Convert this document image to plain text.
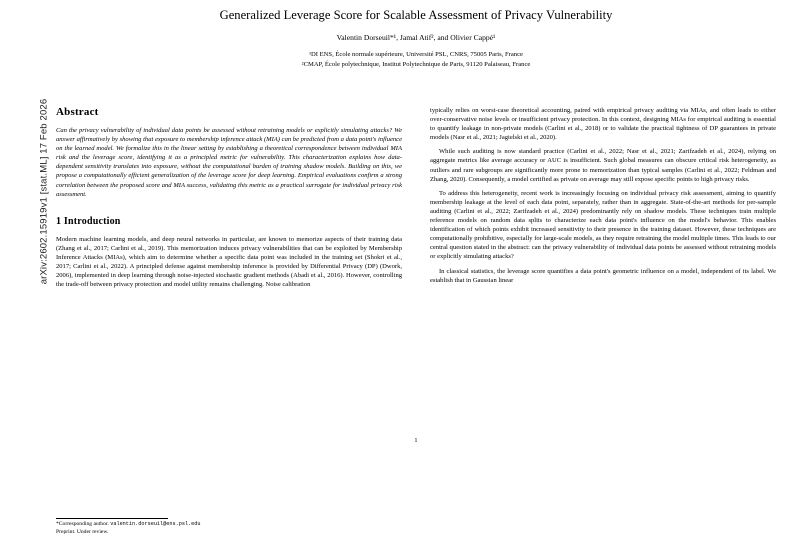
arXiv:2602.15919v1 [stat.ML] 17 Feb 2026
Generalized Leverage Score for Scalable Assessment of Privacy Vulnerability
Valentin Dorseuil*¹, Jamal Atif², and Olivier Cappé¹
¹DI ENS, École normale supérieure, Université PSL, CNRS, 75005 Paris, France
²CMAP, École polytechnique, Institut Polytechnique de Paris, 91120 Palaiseau, France
Abstract

Can the privacy vulnerability of individual data points be assessed without retraining models or explicitly simulating attacks? We answer affirmatively by showing that exposure to membership inference attack (MIA) can be predicted from a data point's influence on the learned model. We formalize this in the linear setting by establishing a theoretical correspondence between individual MIA risk and the leverage score, identifying it as a principled metric for vulnerability. This characterization explains how data-dependent sensitivity translates into exposure, without the computational burden of training shadow models. Building on this, we propose a computationally efficient generalization of the leverage score for deep learning. Empirical evaluations confirm a strong correlation between the proposed score and MIA success, validating this metric as a practical surrogate for individual privacy risk assessment.

1 Introduction

Modern machine learning models, and deep neural networks in particular, are known to memorize aspects of their training data (Zhang et al., 2017; Carlini et al., 2019). This memorization induces privacy vulnerabilities that can be exploited by Membership Inference Attacks (MIAs), which aim to determine whether a specific data point was included in the training set (Shokri et al., 2017; Carlini et al., 2022). A principled defense against membership inference is provided by Differential Privacy (DP) (Dwork, 2006), implemented in deep learning through noise-injected stochastic gradient methods (Abadi et al., 2016). However, controlling the trade-off between privacy protection and model utility remains challenging. Noise calibration

*Corresponding author. valentin.dorseuil@ens.psl.edu
Preprint. Under review.

typically relies on worst-case theoretical accounting, paired with empirical privacy auditing via MIAs, and often leads to either over-conservative noise levels or insufficient privacy protection. In this context, designing MIAs for empirical auditing is essential to quantify leakage in non-private models (Carlini et al., 2018) or to validate the practical tightness of DP guarantees in private models (Nasr et al., 2021; Jagielski et al., 2020).

While such auditing is now standard practice (Carlini et al., 2022; Nasr et al., 2021; Zarifzadeh et al., 2024), relying on aggregate metrics like average accuracy or AUC is insufficient. Such global measures can obscure critical risk heterogeneity, as outliers and rare subgroups are significantly more prone to memorization than typical samples (Carlini et al., 2022; Feldman and Zhang, 2020). Consequently, a model certified as private on average may still expose specific points to high privacy risks.

To address this heterogeneity, recent work is increasingly focusing on individual privacy risk assessment, aiming to quantify membership leakage at the level of each data point, separately, rather than in aggregate. State-of-the-art methods for per-sample auditing (Carlini et al., 2022; Zarifzadeh et al., 2024) predominantly rely on shadow models. These techniques train multiple reference models on random data splits to characterize each data point's influence on the model's behavior. This enables identification of which points exhibit increased sensitivity to their presence in the training dataset. However, these techniques are computationally prohibitive, especially for large-scale models, as they require retraining the model multiple times. This leads to our central question stated in the abstract: can the privacy vulnerability of individual data points be assessed without retraining models or explicitly simulating attacks?

In classical statistics, the leverage score quantifies a data point's geometric influence on a model, independent of its label. We establish that in Gaussian linear

1
